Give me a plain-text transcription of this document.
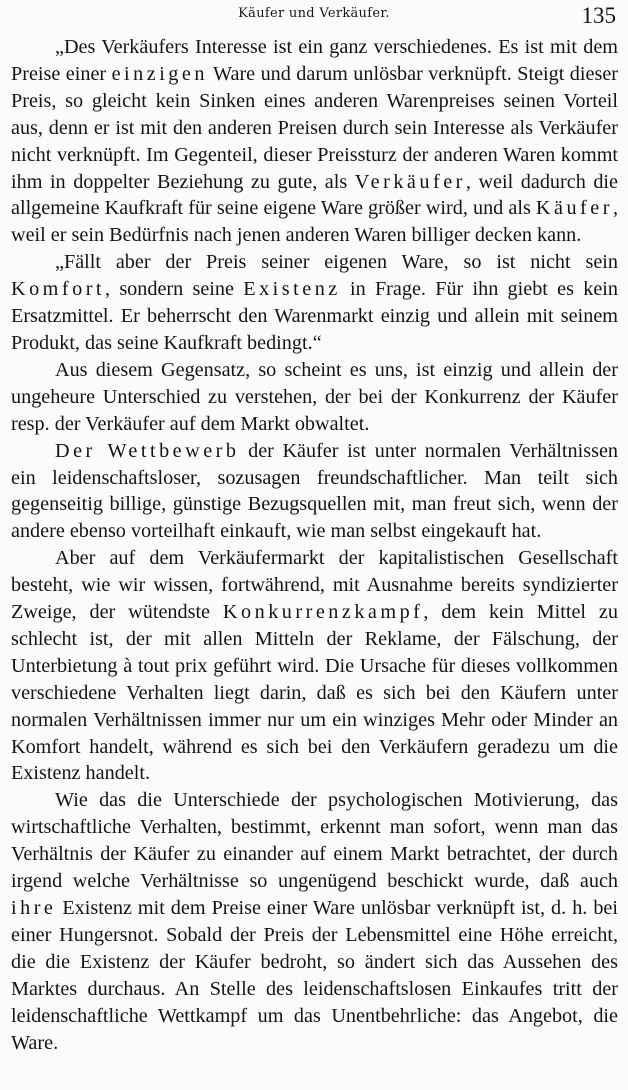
Käufer und Verkäufer.	135

„Des Verkäufers Interesse ist ein ganz verschiedenes. Es ist mit dem Preise einer einzigen Ware und darum unlösbar verknüpft. Steigt dieser Preis, so gleicht kein Sinken eines anderen Warenpreises seinen Vorteil aus, denn er ist mit den anderen Preisen durch sein Interesse als Verkäufer nicht verknüpft. Im Gegenteil, dieser Preissturz der anderen Waren kommt ihm in doppelter Beziehung zu gute, als Verkäufer, weil dadurch die allgemeine Kaufkraft für seine eigene Ware größer wird, und als Käufer, weil er sein Bedürfnis nach jenen anderen Waren billiger decken kann.

„Fällt aber der Preis seiner eigenen Ware, so ist nicht sein Komfort, sondern seine Existenz in Frage. Für ihn giebt es kein Ersatzmittel. Er beherrscht den Warenmarkt einzig und allein mit seinem Produkt, das seine Kaufkraft bedingt.“

Aus diesem Gegensatz, so scheint es uns, ist einzig und allein der ungeheure Unterschied zu verstehen, der bei der Konkurrenz der Käufer resp. der Verkäufer auf dem Markt obwaltet.

Der Wettbewerb der Käufer ist unter normalen Verhältnissen ein leidenschaftsloser, sozusagen freundschaftlicher. Man teilt sich gegenseitig billige, günstige Bezugsquellen mit, man freut sich, wenn der andere ebenso vorteilhaft einkauft, wie man selbst eingekauft hat.

Aber auf dem Verkäufermarkt der kapitalistischen Gesellschaft besteht, wie wir wissen, fortwährend, mit Ausnahme bereits syndizierter Zweige, der wütendste Konkurrenzkampf, dem kein Mittel zu schlecht ist, der mit allen Mitteln der Reklame, der Fälschung, der Unterbietung à tout prix geführt wird. Die Ursache für dieses vollkommen verschiedene Verhalten liegt darin, daß es sich bei den Käufern unter normalen Verhältnissen immer nur um ein winziges Mehr oder Minder an Komfort handelt, während es sich bei den Verkäufern geradezu um die Existenz handelt.

Wie das die Unterschiede der psychologischen Motivierung, das wirtschaftliche Verhalten, bestimmt, erkennt man sofort, wenn man das Verhältnis der Käufer zu einander auf einem Markt betrachtet, der durch irgend welche Verhältnisse so ungenügend beschickt wurde, daß auch ihre Existenz mit dem Preise einer Ware unlösbar verknüpft ist, d. h. bei einer Hungersnot. Sobald der Preis der Lebensmittel eine Höhe erreicht, die die Existenz der Käufer bedroht, so ändert sich das Aussehen des Marktes durchaus. An Stelle des leidenschaftslosen Einkaufes tritt der leidenschaftliche Wettkampf um das Unentbehrliche: das Angebot, die Ware.
